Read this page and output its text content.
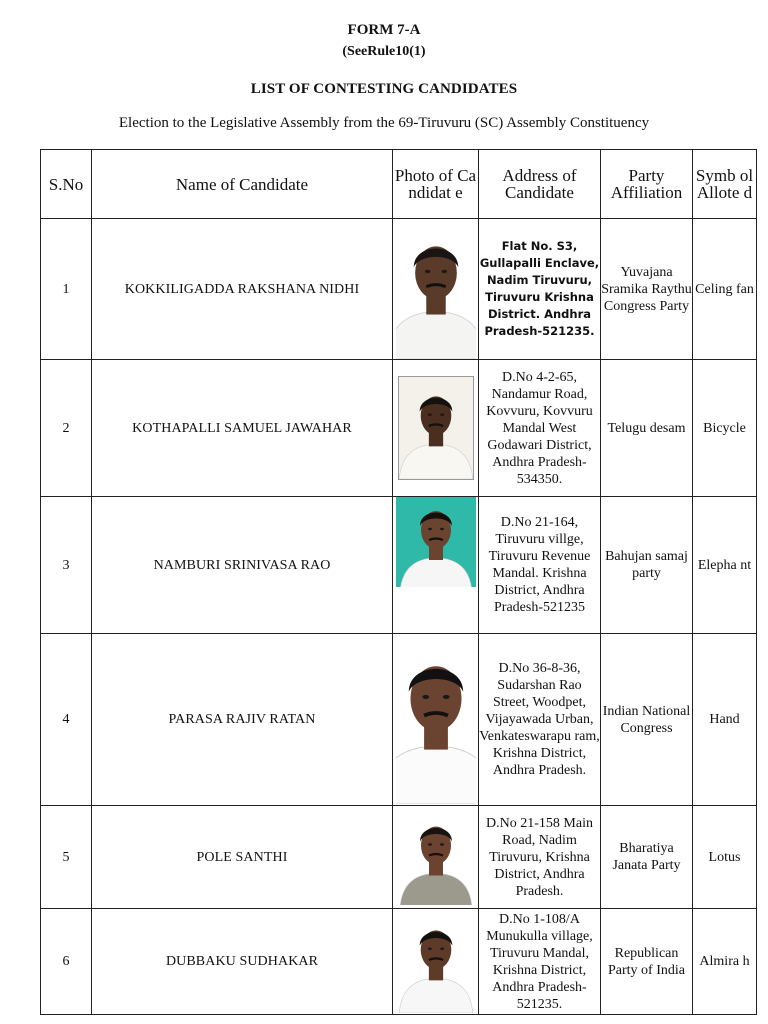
FORM 7-A
(SeeRule10(1)
LIST OF CONTESTING CANDIDATES
Election to the Legislative Assembly from the 69-Tiruvuru (SC) Assembly Constituency
S.No	Name of Candidate	Photo of Candidat e	Address of Candidate	Party Affiliation	Symb ol Allote d
1	KOKKILIGADDA RAKSHANA NIDHI		Flat No. S3, Gullapalli Enclave, Nadim Tiruvuru, Tiruvuru Krishna District. Andhra Pradesh-521235.	Yuvajana Sramika Raythu Congress Party	Celing fan
2	KOTHAPALLI SAMUEL JAWAHAR		D.No 4-2-65, Nandamur Road, Kovvuru, Kovvuru Mandal West Godawari District, Andhra Pradesh-534350.	Telugu desam	Bicycle
3	NAMBURI SRINIVASA RAO		D.No 21-164, Tiruvuru villge, Tiruvuru Revenue Mandal. Krishna District, Andhra Pradesh-521235	Bahujan samaj party	Elepha nt
4	PARASA RAJIV RATAN		D.No 36-8-36, Sudarshan Rao Street, Woodpet, Vijayawada Urban, Venkateswarapu ram, Krishna District, Andhra Pradesh.	Indian National Congress	Hand
5	POLE SANTHI		D.No 21-158 Main Road, Nadim Tiruvuru, Krishna District, Andhra Pradesh.	Bharatiya Janata Party	Lotus
6	DUBBAKU SUDHAKAR		D.No 1-108/A Munukulla village, Tiruvuru Mandal, Krishna District, Andhra Pradesh-521235.	Republican Party of India	Almira h
